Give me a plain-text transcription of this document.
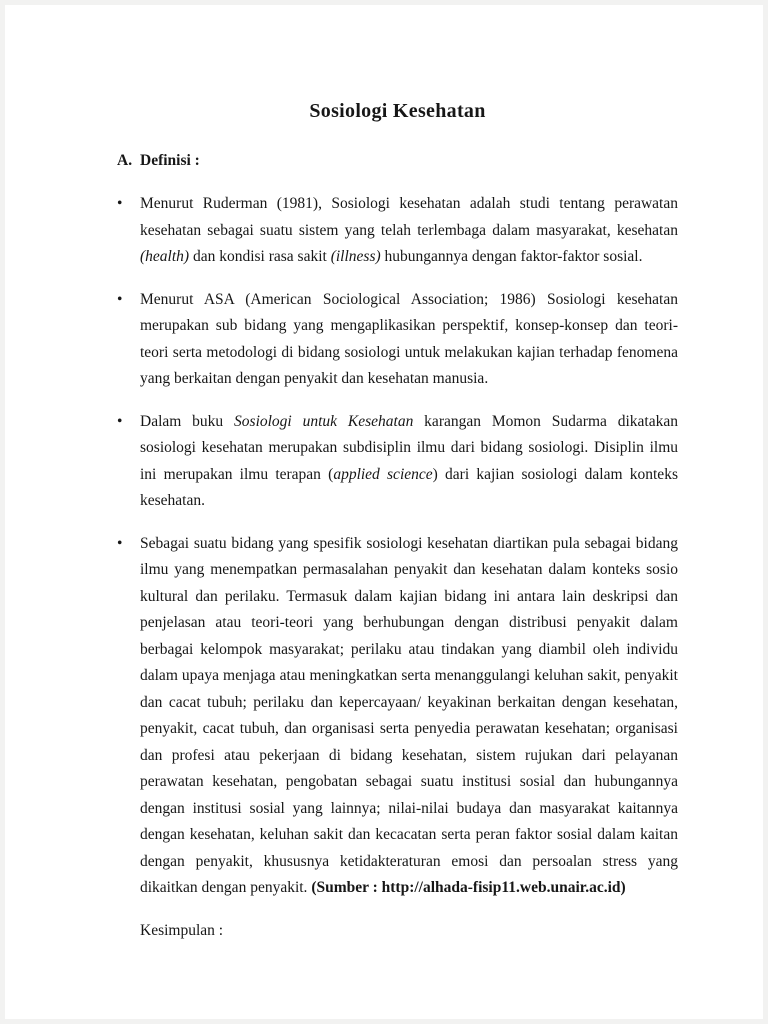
Sosiologi Kesehatan
A. Definisi :
• Menurut Ruderman (1981), Sosiologi kesehatan adalah studi tentang perawatan kesehatan sebagai suatu sistem yang telah terlembaga dalam masyarakat, kesehatan (health) dan kondisi rasa sakit (illness) hubungannya dengan faktor-faktor sosial.
• Menurut ASA (American Sociological Association; 1986) Sosiologi kesehatan merupakan sub bidang yang mengaplikasikan perspektif, konsep-konsep dan teori-teori serta metodologi di bidang sosiologi untuk melakukan kajian terhadap fenomena yang berkaitan dengan penyakit dan kesehatan manusia.
• Dalam buku Sosiologi untuk Kesehatan karangan Momon Sudarma dikatakan sosiologi kesehatan merupakan subdisiplin ilmu dari bidang sosiologi. Disiplin ilmu ini merupakan ilmu terapan (applied science) dari kajian sosiologi dalam konteks kesehatan.
• Sebagai suatu bidang yang spesifik sosiologi kesehatan diartikan pula sebagai bidang ilmu yang menempatkan permasalahan penyakit dan kesehatan dalam konteks sosio kultural dan perilaku. Termasuk dalam kajian bidang ini antara lain deskripsi dan penjelasan atau teori-teori yang berhubungan dengan distribusi penyakit dalam berbagai kelompok masyarakat; perilaku atau tindakan yang diambil oleh individu dalam upaya menjaga atau meningkatkan serta menanggulangi keluhan sakit, penyakit dan cacat tubuh; perilaku dan kepercayaan/ keyakinan berkaitan dengan kesehatan, penyakit, cacat tubuh, dan organisasi serta penyedia perawatan kesehatan; organisasi dan profesi atau pekerjaan di bidang kesehatan, sistem rujukan dari pelayanan perawatan kesehatan, pengobatan sebagai suatu institusi sosial dan hubungannya dengan institusi sosial yang lainnya; nilai-nilai budaya dan masyarakat kaitannya dengan kesehatan, keluhan sakit dan kecacatan serta peran faktor sosial dalam kaitan dengan penyakit, khususnya ketidakteraturan emosi dan persoalan stress yang dikaitkan dengan penyakit. (Sumber : http://alhada-fisip11.web.unair.ac.id)

Kesimpulan :
